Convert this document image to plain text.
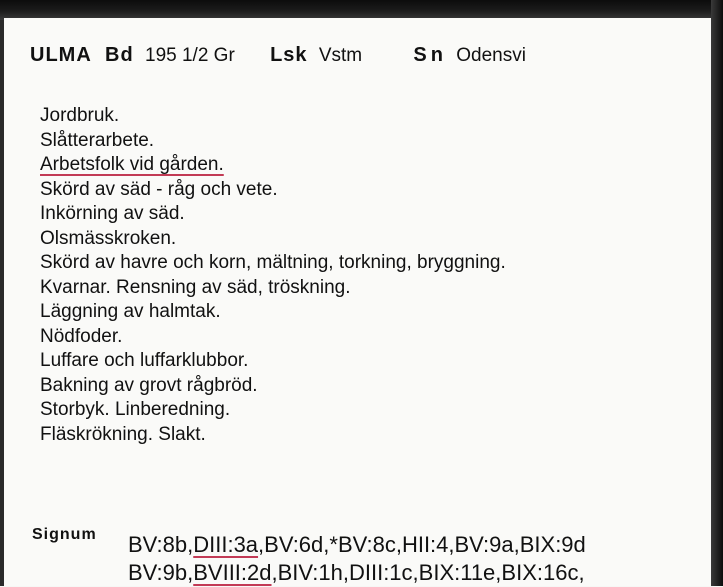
ULMA Bd 195 1/2 Gr Lsk Vstm	Sn Odensvi
Jordbruk.
Slåtterarbete.
Arbetsfolk vid gården.
Skörd av säd - råg och vete.
Inkörning av säd.
Olsmässkroken.
Skörd av havre och korn, mältning, torkning, bryggning.
Kvarnar. Rensning av säd, tröskning.
Läggning av halmtak.
Nödfoder.
Luffare och luffarklubbor.
Bakning av grovt rågbröd.
Storbyk. Linberedning.
Fläskrökning. Slakt.
Signum BV:8b,DIII:3a,BV:6d,*BV:8c,HII:4,BV:9a,BIX:9d
BV:9b,BVIII:2d,BIV:1h,DIII:1c,BIX:11e,BIX:16c,
